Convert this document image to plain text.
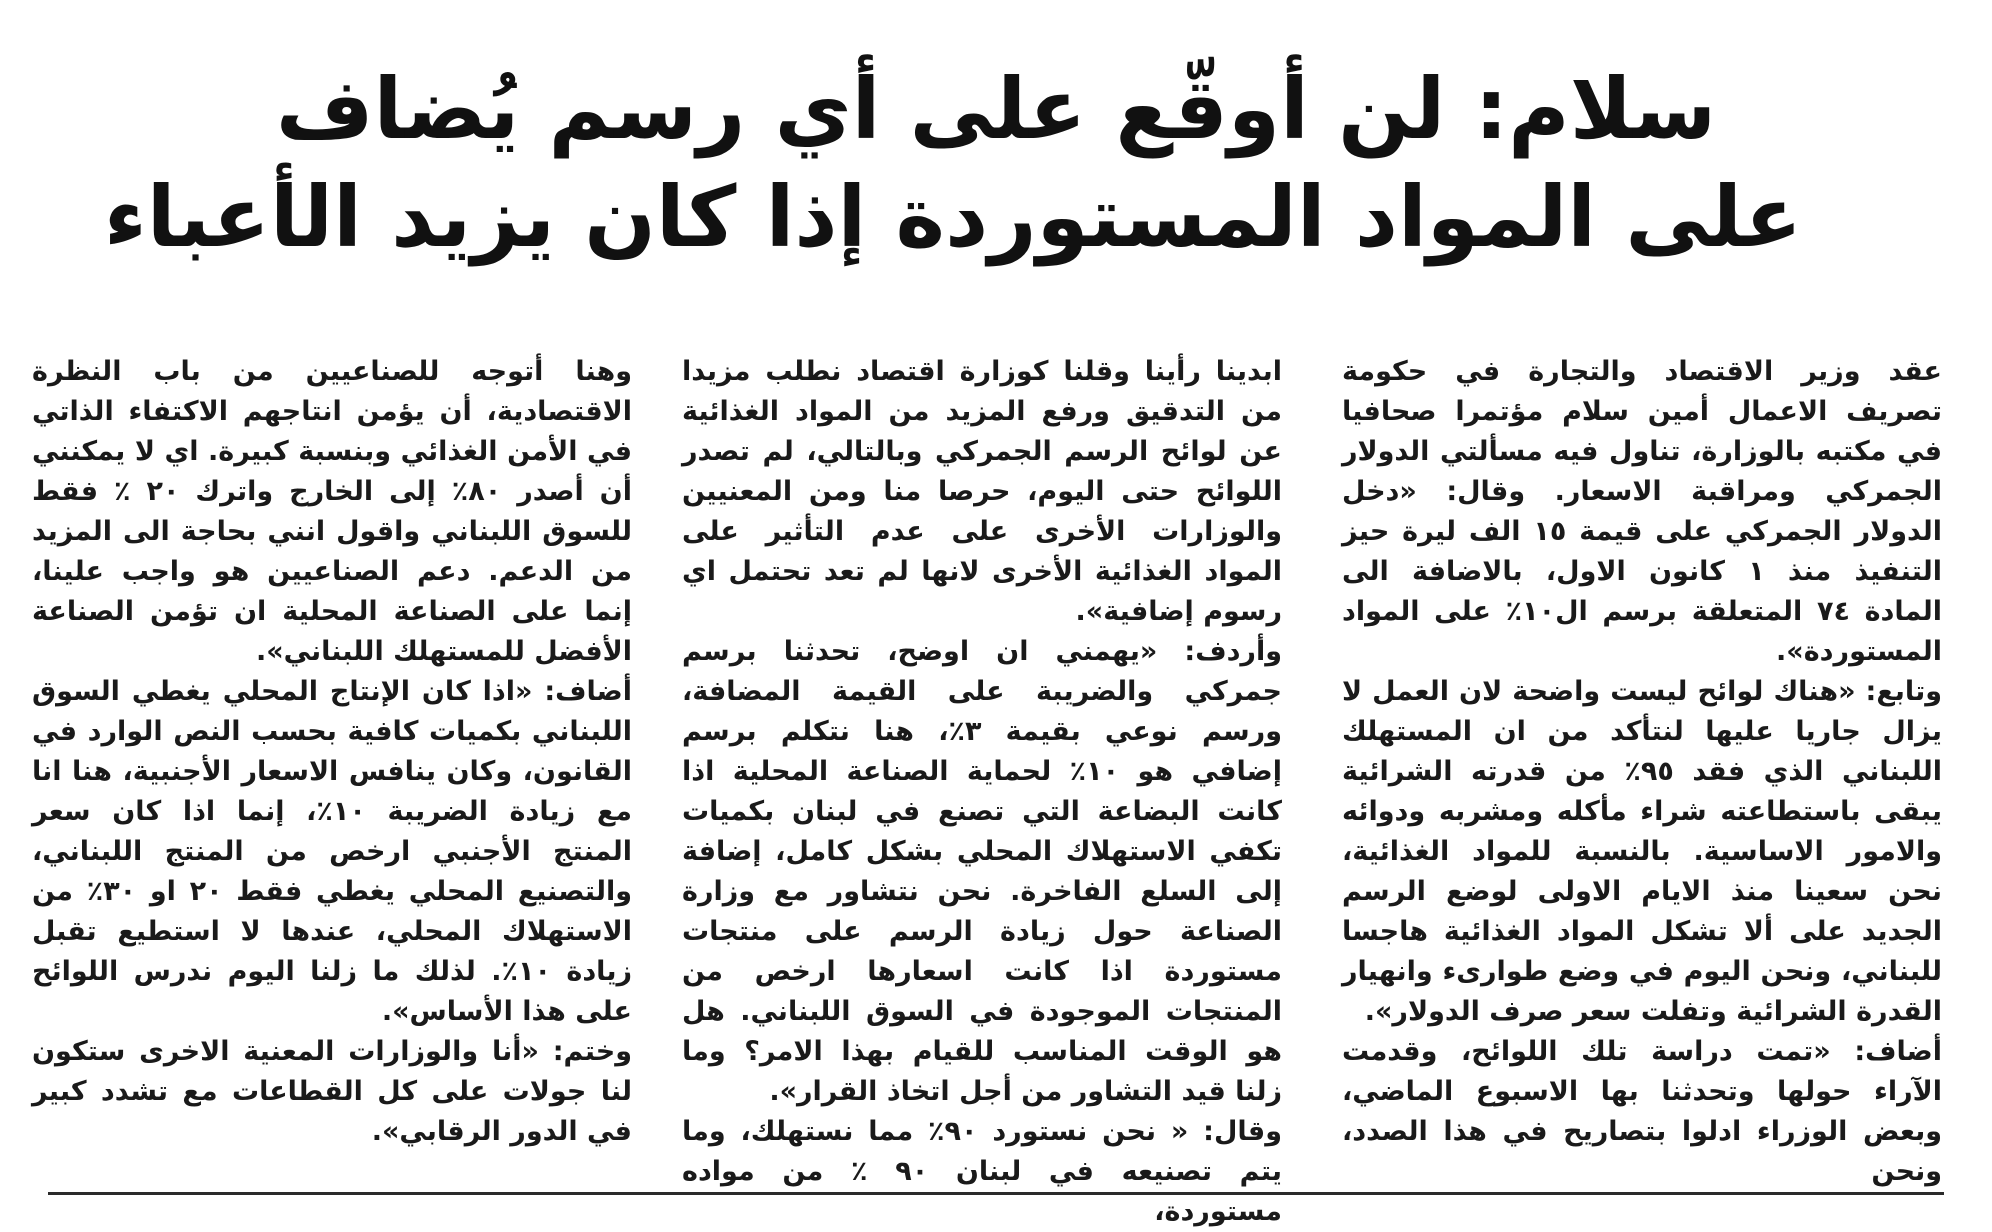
سلام: لن أوقّع على أي رسم يُضاف
على المواد المستوردة إذا كان يزيد الأعباء

عقد وزير الاقتصاد والتجارة في حكومة تصريف الاعمال أمين سلام مؤتمرا صحافيا في مكتبه بالوزارة، تناول فيه مسألتي الدولار الجمركي ومراقبة الاسعار. وقال: «دخل الدولار الجمركي على قيمة ١٥ الف ليرة حيز التنفيذ منذ ١ كانون الاول، بالاضافة الى المادة ٧٤ المتعلقة برسم ال١٠٪ على المواد المستوردة».

وتابع: «هناك لوائح ليست واضحة لان العمل لا يزال جاريا عليها لنتأكد من ان المستهلك اللبناني الذي فقد ٩٥٪ من قدرته الشرائية يبقى باستطاعته شراء مأكله ومشربه ودوائه والامور الاساسية. بالنسبة للمواد الغذائية، نحن سعينا منذ الايام الاولى لوضع الرسم الجديد على ألا تشكل المواد الغذائية هاجسا للبناني، ونحن اليوم في وضع طوارىء وانهيار القدرة الشرائية وتفلت سعر صرف الدولار».

أضاف: «تمت دراسة تلك اللوائح، وقدمت الآراء حولها وتحدثنا بها الاسبوع الماضي، وبعض الوزراء ادلوا بتصاريح في هذا الصدد، ونحن

ابدينا رأينا وقلنا كوزارة اقتصاد نطلب مزيدا من التدقيق ورفع المزيد من المواد الغذائية عن لوائح الرسم الجمركي وبالتالي، لم تصدر اللوائح حتى اليوم، حرصا منا ومن المعنيين والوزارات الأخرى على عدم التأثير على المواد الغذائية الأخرى لانها لم تعد تحتمل اي رسوم إضافية».

وأردف: «يهمني ان اوضح، تحدثنا برسم جمركي والضريبة على القيمة المضافة، ورسم نوعي بقيمة ٣٪، هنا نتكلم برسم إضافي هو ١٠٪ لحماية الصناعة المحلية اذا كانت البضاعة التي تصنع في لبنان بكميات تكفي الاستهلاك المحلي بشكل كامل، إضافة إلى السلع الفاخرة. نحن نتشاور مع وزارة الصناعة حول زيادة الرسم على منتجات مستوردة اذا كانت اسعارها ارخص من المنتجات الموجودة في السوق اللبناني. هل هو الوقت المناسب للقيام بهذا الامر؟ وما زلنا قيد التشاور من أجل اتخاذ القرار».

وقال: « نحن نستورد ٩٠٪ مما نستهلك، وما يتم تصنيعه في لبنان ٩٠ ٪ من مواده مستوردة،

وهنا أتوجه للصناعيين من باب النظرة الاقتصادية، أن يؤمن انتاجهم الاكتفاء الذاتي في الأمن الغذائي وبنسبة كبيرة. اي لا يمكنني أن أصدر ٨٠٪ إلى الخارج واترك ٢٠ ٪ فقط للسوق اللبناني واقول انني بحاجة الى المزيد من الدعم. دعم الصناعيين هو واجب علينا، إنما على الصناعة المحلية ان تؤمن الصناعة الأفضل للمستهلك اللبناني».

أضاف: «اذا كان الإنتاج المحلي يغطي السوق اللبناني بكميات كافية بحسب النص الوارد في القانون، وكان ينافس الاسعار الأجنبية، هنا انا مع زيادة الضريبة ١٠٪، إنما اذا كان سعر المنتج الأجنبي ارخص من المنتج اللبناني، والتصنيع المحلي يغطي فقط ٢٠ او ٣٠٪ من الاستهلاك المحلي، عندها لا استطيع تقبل زيادة ١٠٪. لذلك ما زلنا اليوم ندرس اللوائح على هذا الأساس».

وختم: «أنا والوزارات المعنية الاخرى ستكون لنا جولات على كل القطاعات مع تشدد كبير في الدور الرقابي».
